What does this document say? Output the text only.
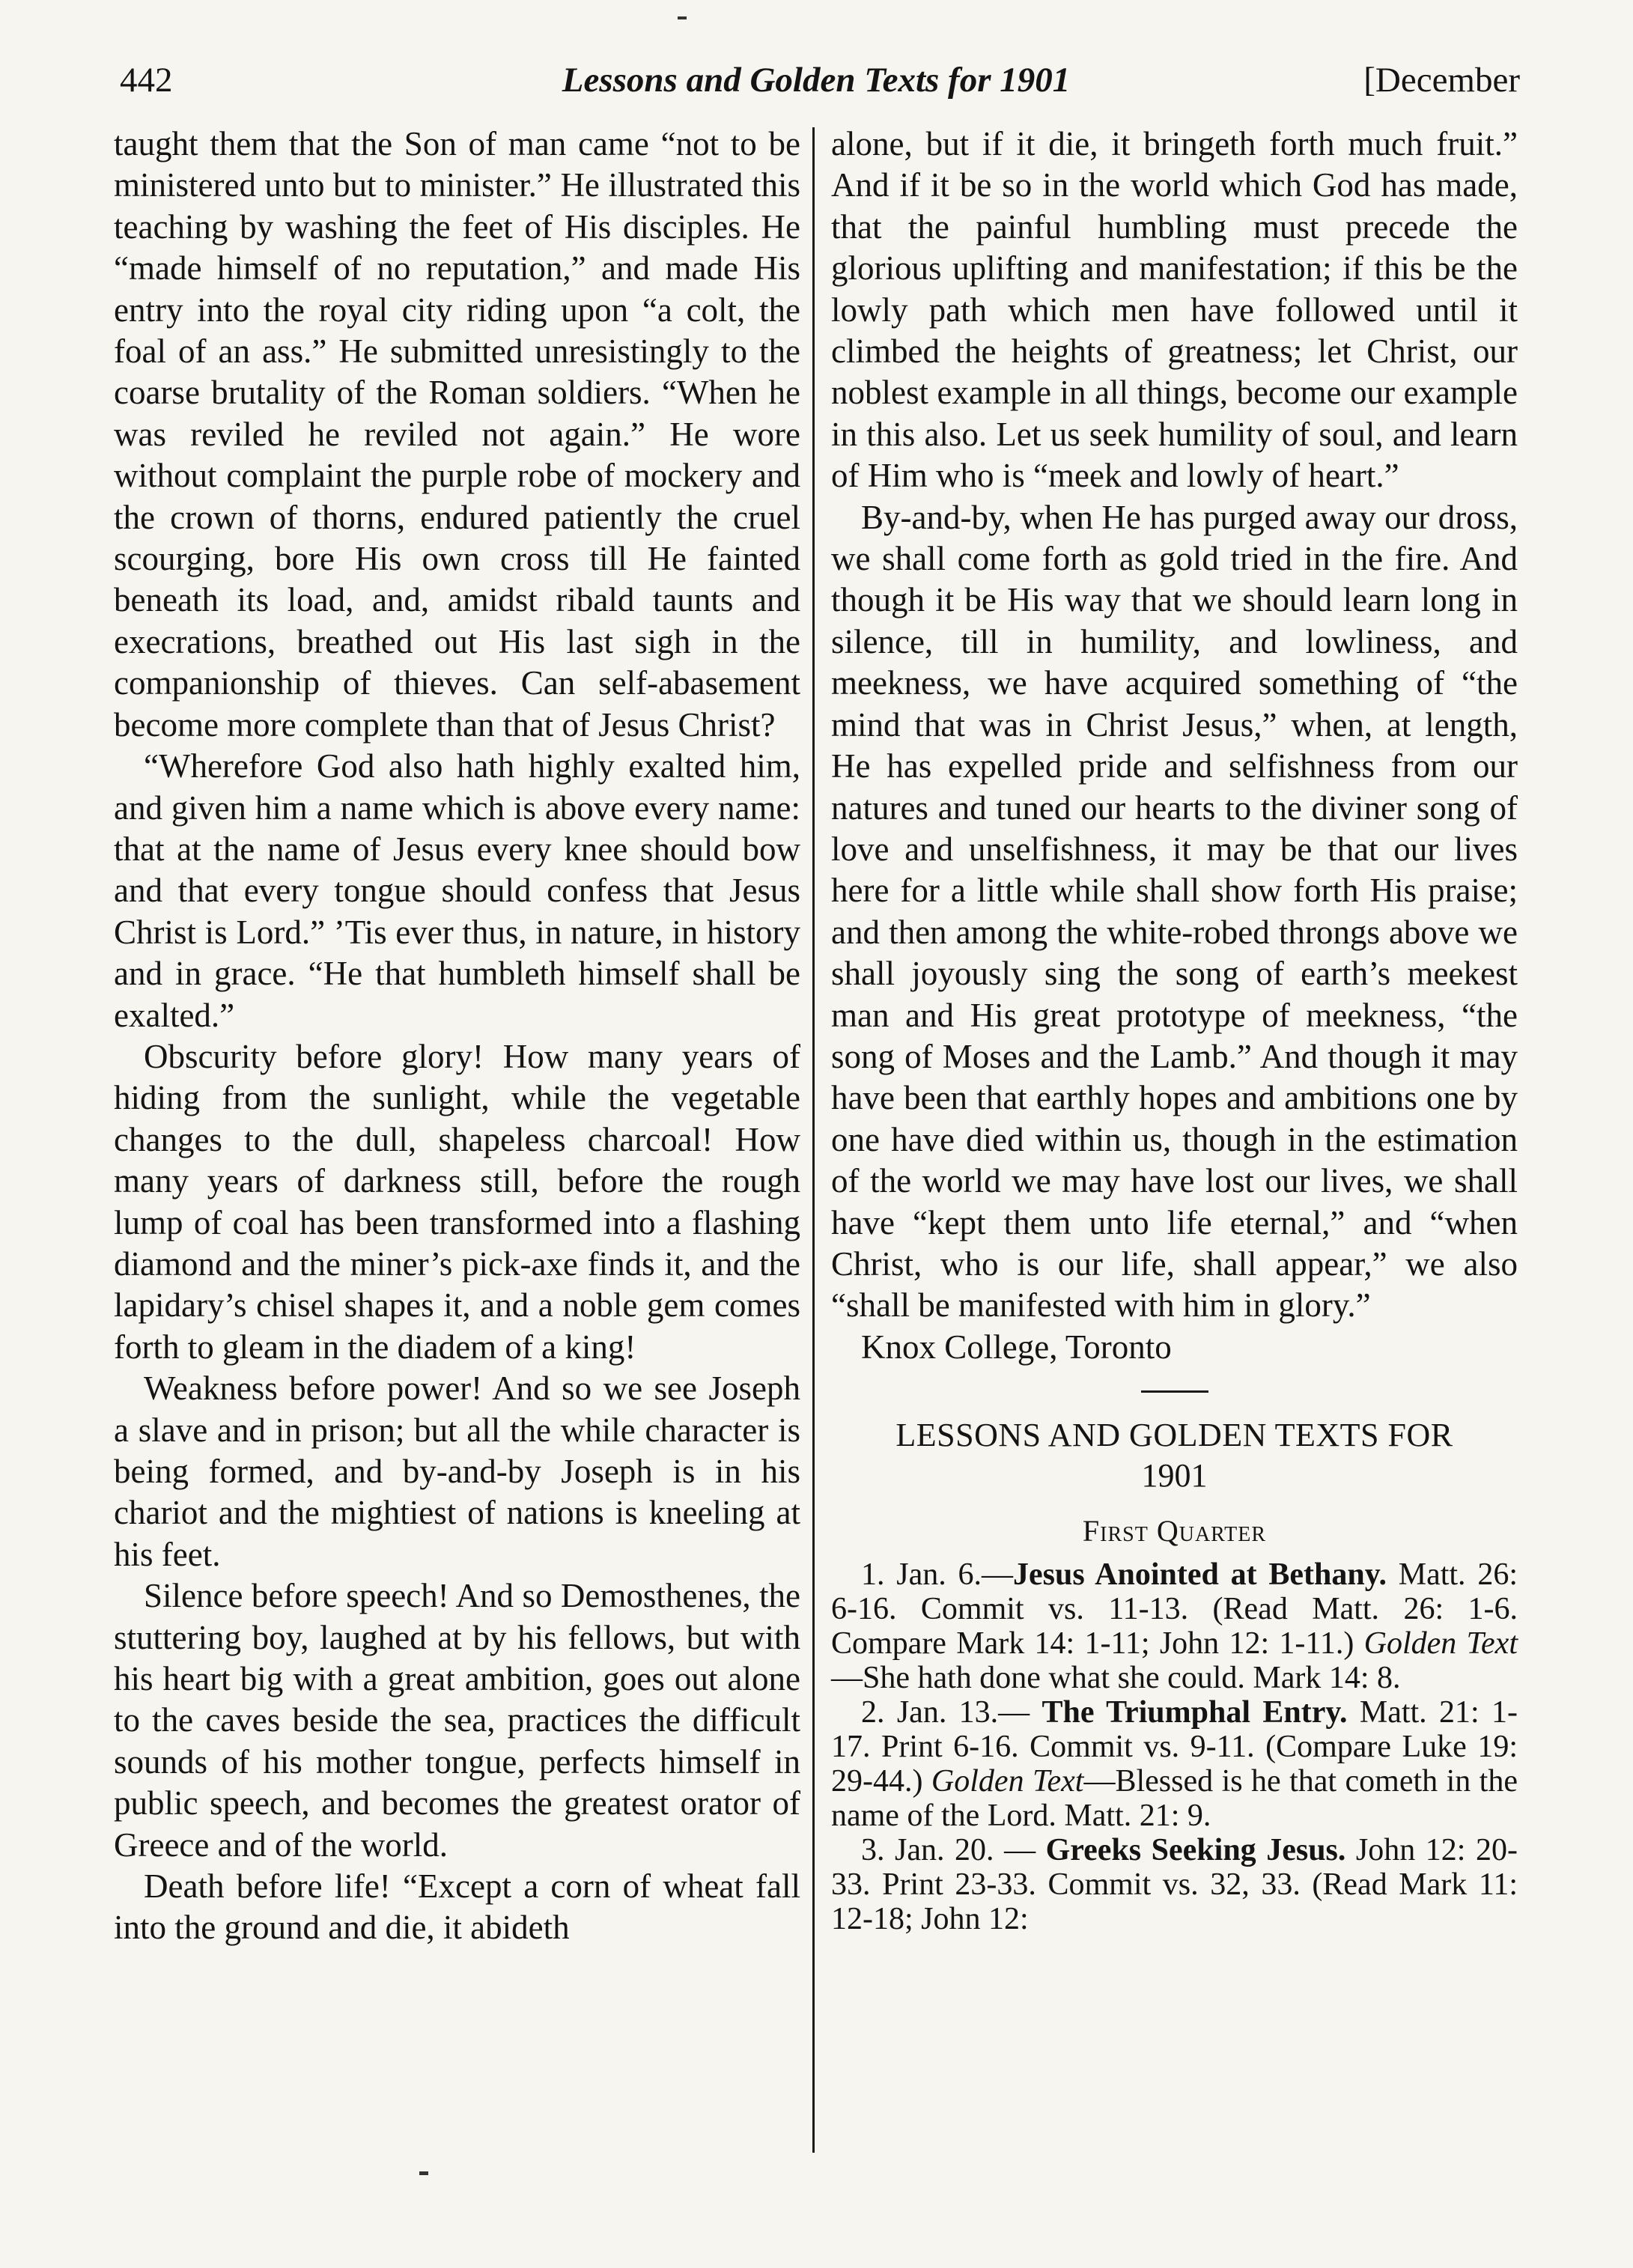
442	Lessons and Golden Texts for 1901	[December

taught them that the Son of man came “not to be ministered unto but to minister.” He illustrated this teaching by washing the feet of His disciples. He “made himself of no reputation,” and made His entry into the royal city riding upon “a colt, the foal of an ass.” He submitted unresistingly to the coarse brutality of the Roman soldiers. “When he was reviled he reviled not again.” He wore without complaint the purple robe of mockery and the crown of thorns, endured patiently the cruel scourging, bore His own cross till He fainted beneath its load, and, amidst ribald taunts and execrations, breathed out His last sigh in the companionship of thieves. Can self-abasement become more complete than that of Jesus Christ?

“Wherefore God also hath highly exalted him, and given him a name which is above every name: that at the name of Jesus every knee should bow and that every tongue should confess that Jesus Christ is Lord.” ’Tis ever thus, in nature, in history and in grace. “He that humbleth himself shall be exalted.”

Obscurity before glory! How many years of hiding from the sunlight, while the vegetable changes to the dull, shapeless charcoal! How many years of darkness still, before the rough lump of coal has been transformed into a flashing diamond and the miner’s pick-axe finds it, and the lapidary’s chisel shapes it, and a noble gem comes forth to gleam in the diadem of a king!

Weakness before power! And so we see Joseph a slave and in prison; but all the while character is being formed, and by-and-by Joseph is in his chariot and the mightiest of nations is kneeling at his feet.

Silence before speech! And so Demosthenes, the stuttering boy, laughed at by his fellows, but with his heart big with a great ambition, goes out alone to the caves beside the sea, practices the difficult sounds of his mother tongue, perfects himself in public speech, and becomes the greatest orator of Greece and of the world.

Death before life! “Except a corn of wheat fall into the ground and die, it abideth

alone, but if it die, it bringeth forth much fruit.” And if it be so in the world which God has made, that the painful humbling must precede the glorious uplifting and manifestation; if this be the lowly path which men have followed until it climbed the heights of greatness; let Christ, our noblest example in all things, become our example in this also. Let us seek humility of soul, and learn of Him who is “meek and lowly of heart.”

By-and-by, when He has purged away our dross, we shall come forth as gold tried in the fire. And though it be His way that we should learn long in silence, till in humility, and lowliness, and meekness, we have acquired something of “the mind that was in Christ Jesus,” when, at length, He has expelled pride and selfishness from our natures and tuned our hearts to the diviner song of love and unselfishness, it may be that our lives here for a little while shall show forth His praise; and then among the white-robed throngs above we shall joyously sing the song of earth’s meekest man and His great prototype of meekness, “the song of Moses and the Lamb.” And though it may have been that earthly hopes and ambitions one by one have died within us, though in the estimation of the world we may have lost our lives, we shall have “kept them unto life eternal,” and “when Christ, who is our life, shall appear,” we also “shall be manifested with him in glory.”

Knox College, Toronto

LESSONS AND GOLDEN TEXTS FOR
1901
First Quarter

1. Jan. 6.—Jesus Anointed at Bethany. Matt. 26: 6-16. Commit vs. 11-13. (Read Matt. 26: 1-6. Compare Mark 14: 1-11; John 12: 1-11.) Golden Text—She hath done what she could. Mark 14: 8.

2. Jan. 13.— The Triumphal Entry. Matt. 21: 1-17. Print 6-16. Commit vs. 9-11. (Compare Luke 19: 29-44.) Golden Text—Blessed is he that cometh in the name of the Lord. Matt. 21: 9.

3. Jan. 20. — Greeks Seeking Jesus. John 12: 20-33. Print 23-33. Commit vs. 32, 33. (Read Mark 11: 12-18; John 12:
